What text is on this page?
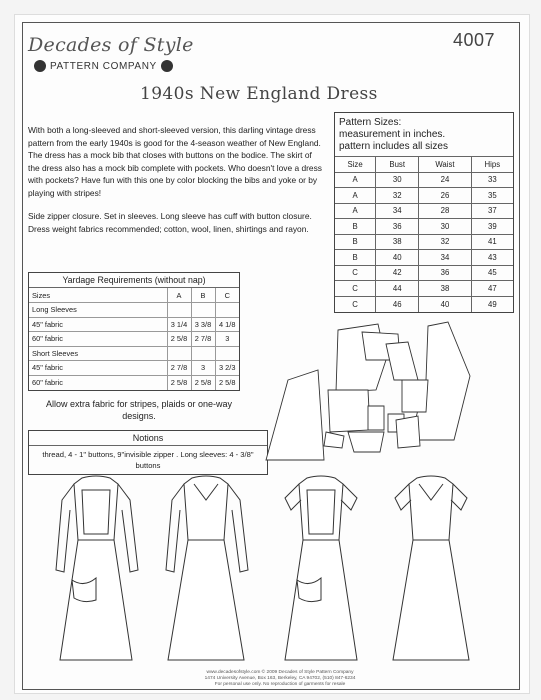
Decades of Style
PATTERN COMPANY
4007
1940s New England Dress

With both a long-sleeved and short-sleeved version, this darling vintage dress pattern from the early 1940s is good for the 4-season weather of New England. The dress has a mock bib that closes with buttons on the bodice. The skirt of the dress also has a mock bib complete with pockets. Who doesn't love a dress with pockets? Have fun with this one by color blocking the bibs and yoke or by playing with stripes!

Side zipper closure. Set in sleeves. Long sleeve has cuff with button closure. Dress weight fabrics recommended; cotton, wool, linen, shirtings and rayon.

Pattern Sizes:
measurement in inches.
pattern includes all sizes
Size	Bust	Waist	Hips
A	30	24	33
A	32	26	35
A	34	28	37
B	36	30	39
B	38	32	41
B	40	34	43
C	42	36	45
C	44	38	47
C	46	40	49
Yardage Requirements (without nap)
Sizes	A	B	C
Long Sleeves			
45" fabric	3 1/4	3 3/8	4 1/8
60" fabric	2 5/8	2 7/8	3
Short Sleeves			
45" fabric	2 7/8	3	3 2/3
60" fabric	2 5/8	2 5/8	2 5/8
Allow extra fabric for stripes, plaids or one-way designs.
Notions
thread, 4 - 1" buttons, 9"invisible zipper . Long sleeves: 4 - 3/8" buttons
www.decadesofstyle.com © 2009 Decades of Style Pattern Company
1474 University Avenue, Box 163, Berkeley, CA 94702, (510) 847-6234
For personal use only. No reproduction of garments for resale
